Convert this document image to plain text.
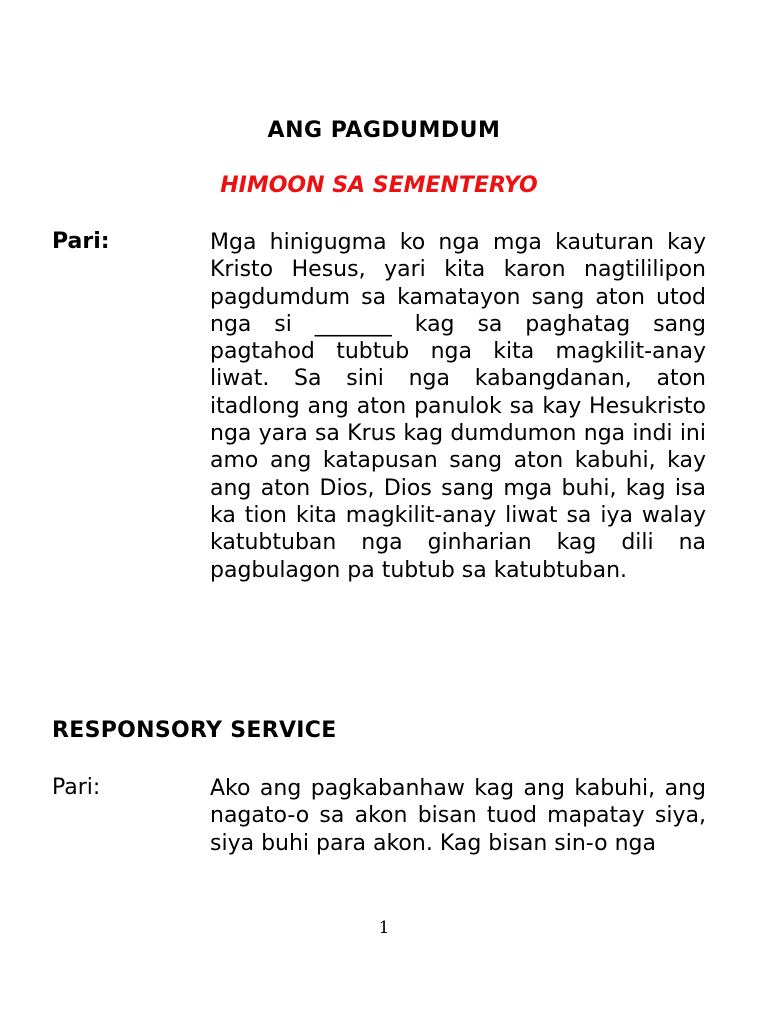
ANG PAGDUMDUM
HIMOON SA SEMENTERYO

Pari:	Mga hinigugma ko nga mga kauturan kay Kristo Hesus, yari kita karon nagtililipon pagdumdum sa kamatayon sang aton utod nga si _______ kag sa paghatag sang pagtahod tubtub nga kita magkilit-anay liwat. Sa sini nga kabangdanan, aton itadlong ang aton panulok sa kay Hesukristo nga yara sa Krus kag dumdumon nga indi ini amo ang katapusan sang aton kabuhi, kay ang aton Dios, Dios sang mga buhi, kag isa ka tion kita magkilit-anay liwat sa iya walay katubtuban nga ginharian kag dili na pagbulagon pa tubtub sa katubtuban.

RESPONSORY SERVICE

Pari:	Ako ang pagkabanhaw kag ang kabuhi, ang nagato-o sa akon bisan tuod mapatay siya, siya buhi para akon. Kag bisan sin-o nga

1
